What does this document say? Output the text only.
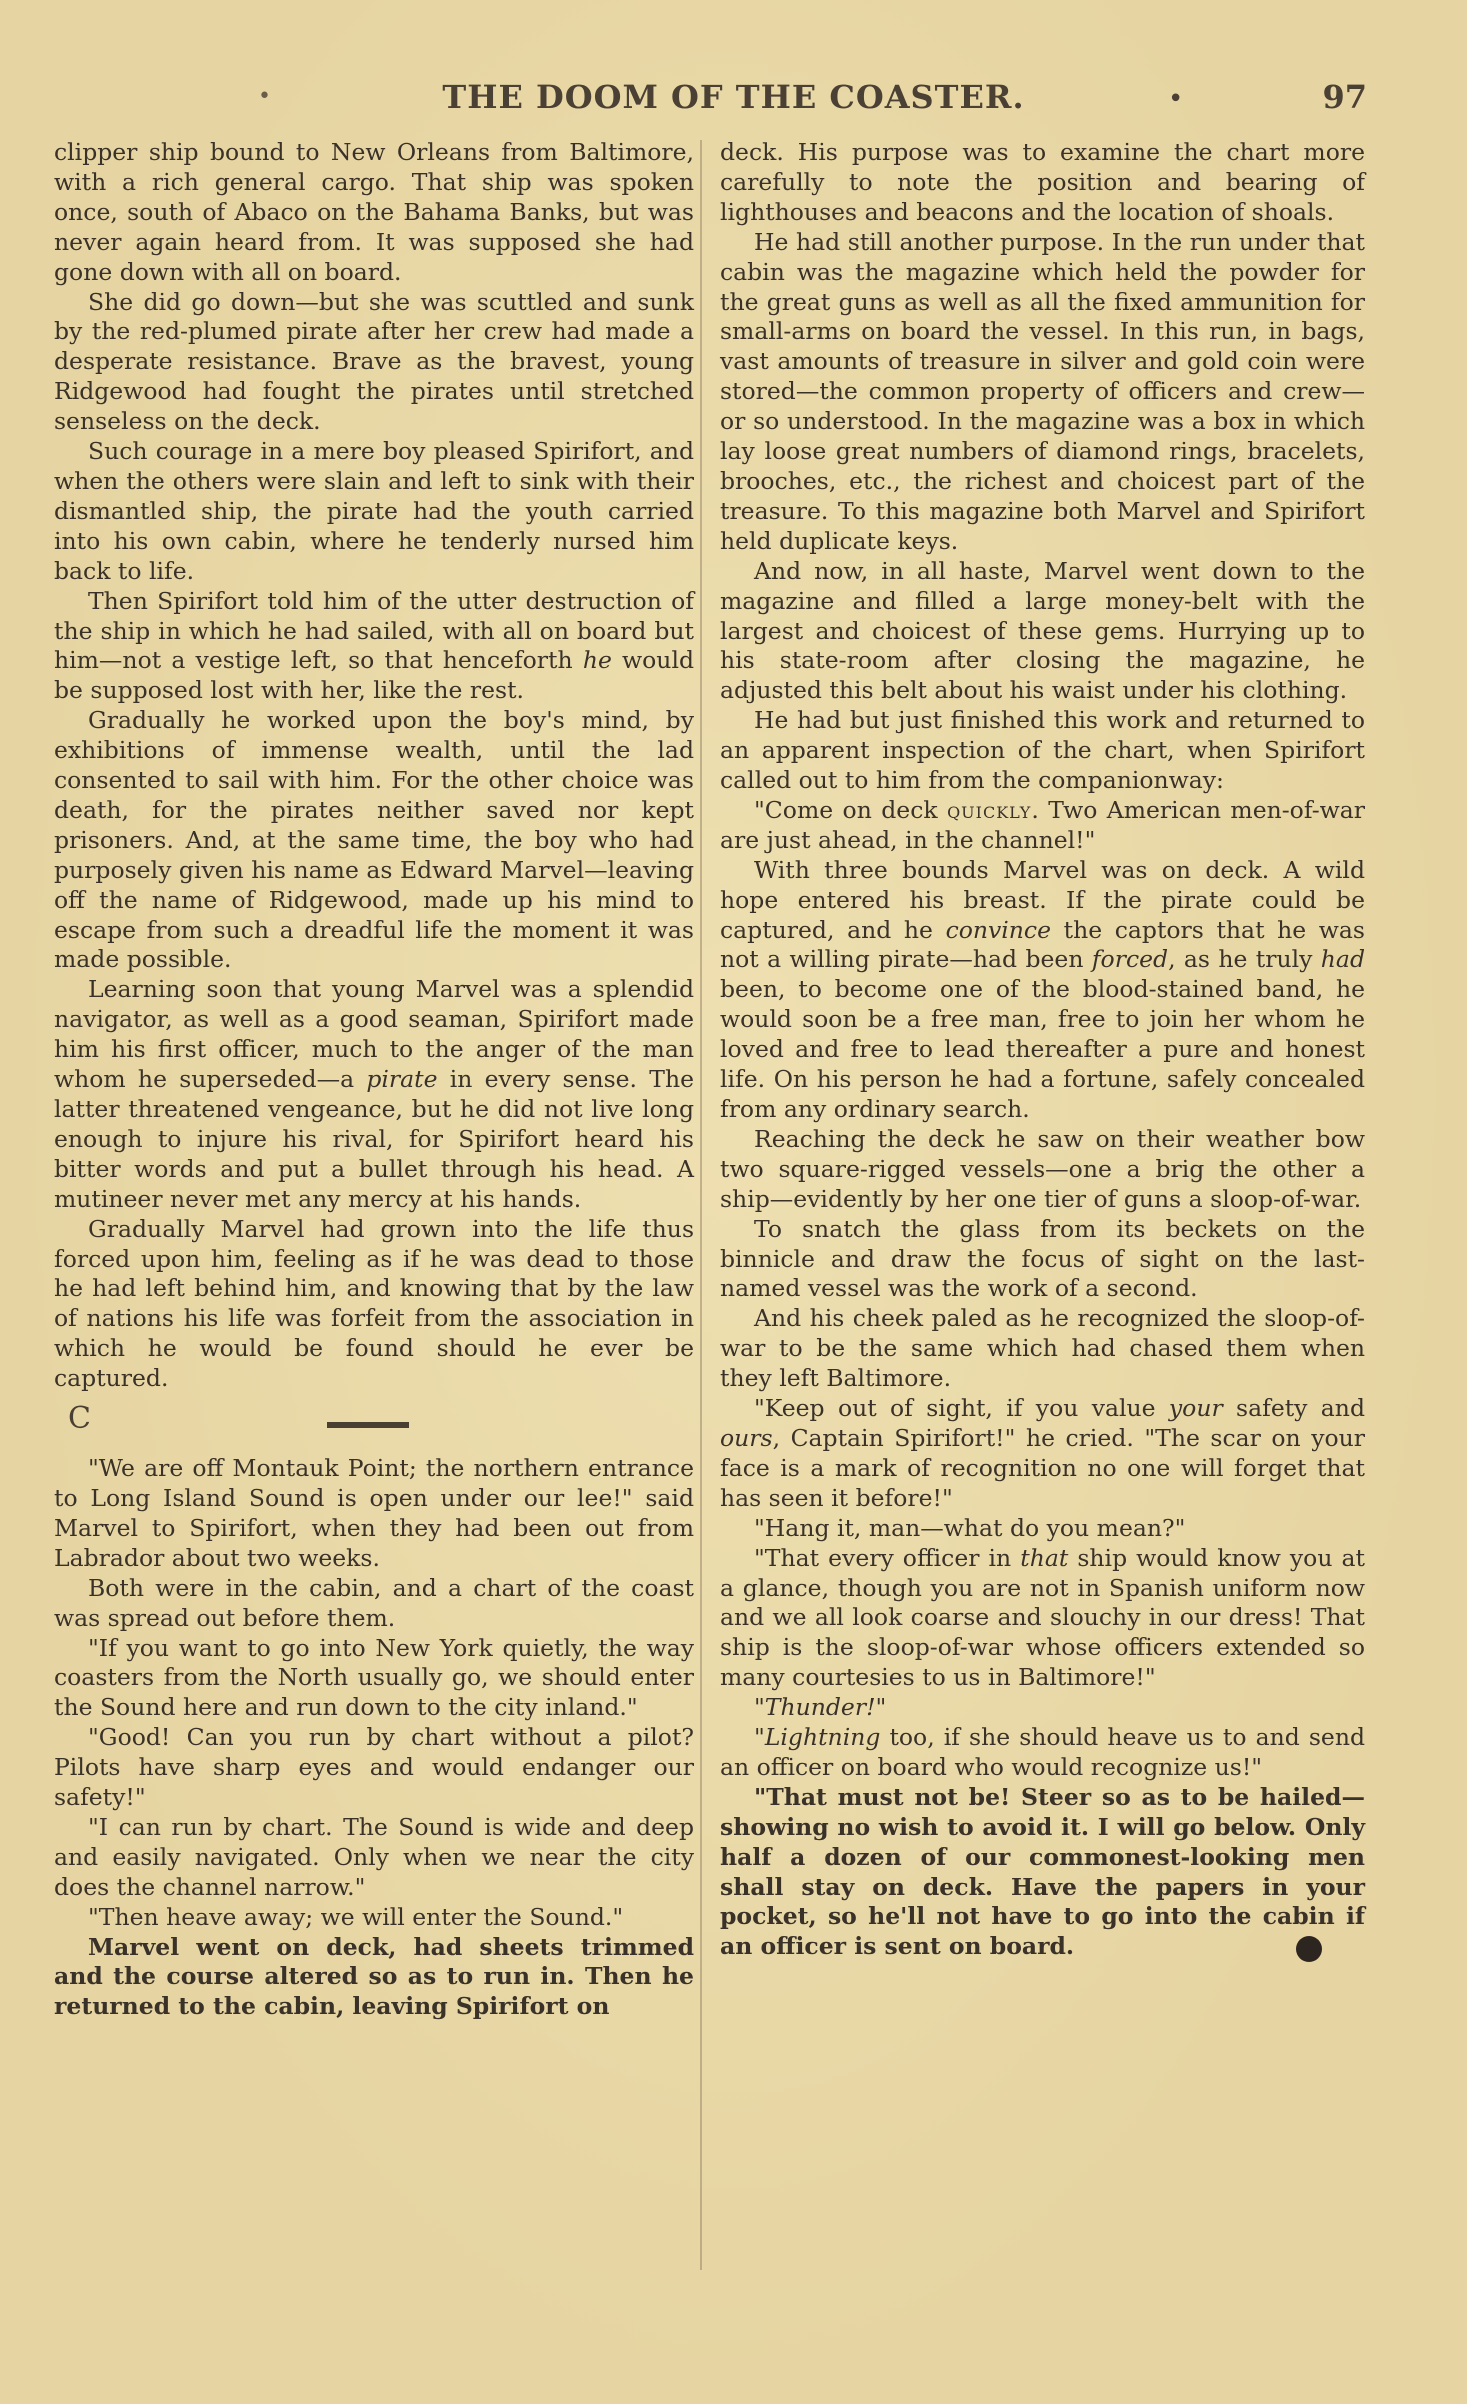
•	THE DOOM OF THE COASTER.	•	97

clipper ship bound to New Orleans from Baltimore, with a rich general cargo. That ship was spoken once, south of Abaco on the Bahama Banks, but was never again heard from. It was supposed she had gone down with all on board.

She did go down—but she was scuttled and sunk by the red-plumed pirate after her crew had made a desperate resistance. Brave as the bravest, young Ridgewood had fought the pirates until stretched senseless on the deck.

Such courage in a mere boy pleased Spirifort, and when the others were slain and left to sink with their dismantled ship, the pirate had the youth carried into his own cabin, where he tenderly nursed him back to life.

Then Spirifort told him of the utter destruction of the ship in which he had sailed, with all on board but him—not a vestige left, so that henceforth he would be supposed lost with her, like the rest.

Gradually he worked upon the boy's mind, by exhibitions of immense wealth, until the lad consented to sail with him. For the other choice was death, for the pirates neither saved nor kept prisoners. And, at the same time, the boy who had purposely given his name as Edward Marvel—leaving off the name of Ridgewood, made up his mind to escape from such a dreadful life the moment it was made possible.

Learning soon that young Marvel was a splendid navigator, as well as a good seaman, Spirifort made him his first officer, much to the anger of the man whom he superseded—a pirate in every sense. The latter threatened vengeance, but he did not live long enough to injure his rival, for Spirifort heard his bitter words and put a bullet through his head. A mutineer never met any mercy at his hands.

Gradually Marvel had grown into the life thus forced upon him, feeling as if he was dead to those he had left behind him, and knowing that by the law of nations his life was forfeit from the association in which he would be found should he ever be captured.

C

"We are off Montauk Point; the northern entrance to Long Island Sound is open under our lee!" said Marvel to Spirifort, when they had been out from Labrador about two weeks.

Both were in the cabin, and a chart of the coast was spread out before them.

"If you want to go into New York quietly, the way coasters from the North usually go, we should enter the Sound here and run down to the city inland."

"Good! Can you run by chart without a pilot? Pilots have sharp eyes and would endanger our safety!"

"I can run by chart. The Sound is wide and deep and easily navigated. Only when we near the city does the channel narrow."

"Then heave away; we will enter the Sound."

Marvel went on deck, had sheets trimmed and the course altered so as to run in. Then he returned to the cabin, leaving Spirifort on

deck. His purpose was to examine the chart more carefully to note the position and bearing of lighthouses and beacons and the location of shoals.

He had still another purpose. In the run under that cabin was the magazine which held the powder for the great guns as well as all the fixed ammunition for small-arms on board the vessel. In this run, in bags, vast amounts of treasure in silver and gold coin were stored—the common property of officers and crew—or so understood. In the magazine was a box in which lay loose great numbers of diamond rings, bracelets, brooches, etc., the richest and choicest part of the treasure. To this magazine both Marvel and Spirifort held duplicate keys.

And now, in all haste, Marvel went down to the magazine and filled a large money-belt with the largest and choicest of these gems. Hurrying up to his state-room after closing the magazine, he adjusted this belt about his waist under his clothing.

He had but just finished this work and returned to an apparent inspection of the chart, when Spirifort called out to him from the companionway:

"Come on deck quickly. Two American men-of-war are just ahead, in the channel!"

With three bounds Marvel was on deck. A wild hope entered his breast. If the pirate could be captured, and he convince the captors that he was not a willing pirate—had been forced, as he truly had been, to become one of the blood-stained band, he would soon be a free man, free to join her whom he loved and free to lead thereafter a pure and honest life. On his person he had a fortune, safely concealed from any ordinary search.

Reaching the deck he saw on their weather bow two square-rigged vessels—one a brig the other a ship—evidently by her one tier of guns a sloop-of-war.

To snatch the glass from its beckets on the binnicle and draw the focus of sight on the last-named vessel was the work of a second.

And his cheek paled as he recognized the sloop-of-war to be the same which had chased them when they left Baltimore.

"Keep out of sight, if you value your safety and ours, Captain Spirifort!" he cried. "The scar on your face is a mark of recognition no one will forget that has seen it before!"

"Hang it, man—what do you mean?"

"That every officer in that ship would know you at a glance, though you are not in Spanish uniform now and we all look coarse and slouchy in our dress! That ship is the sloop-of-war whose officers extended so many courtesies to us in Baltimore!"

"Thunder!"

"Lightning too, if she should heave us to and send an officer on board who would recognize us!"

"That must not be! Steer so as to be hailed—showing no wish to avoid it. I will go below. Only half a dozen of our commonest-looking men shall stay on deck. Have the papers in your pocket, so he'll not have to go into the cabin if an officer is sent on board.
